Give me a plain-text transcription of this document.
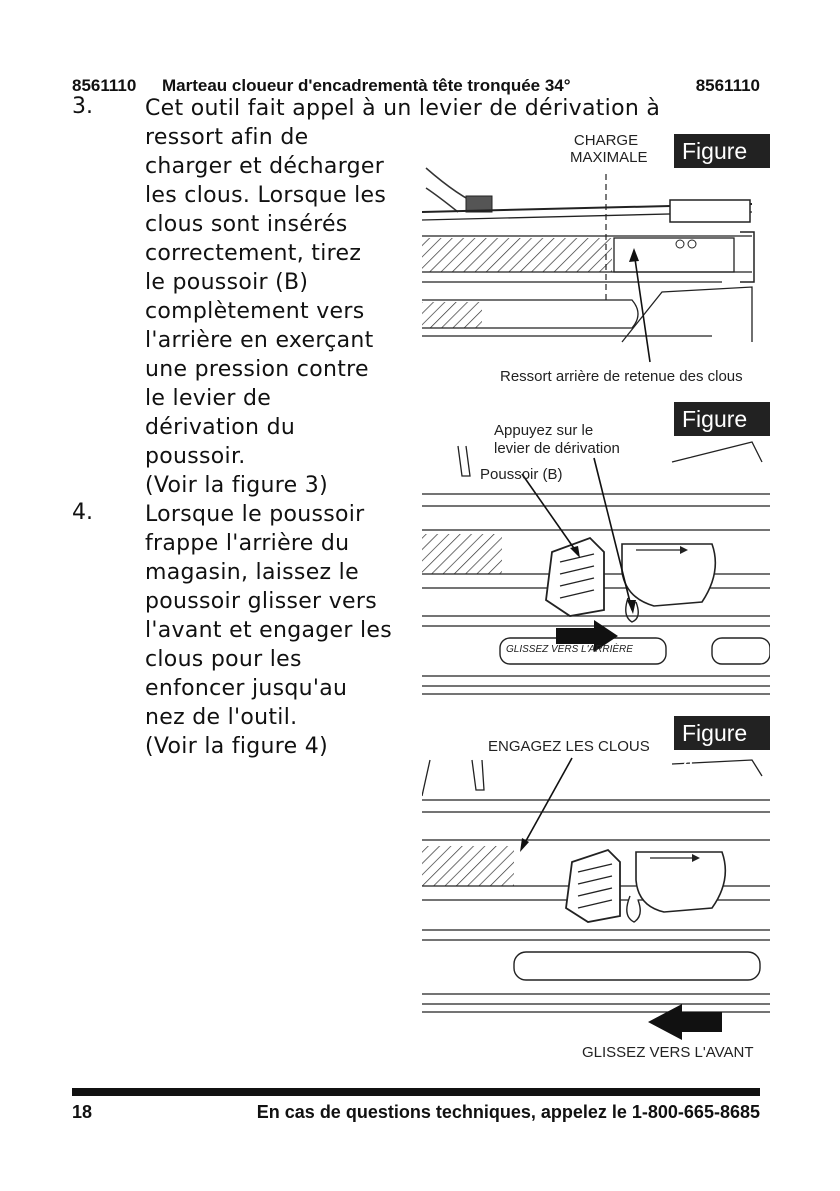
8561110 Marteau cloueur d'encadrementà tête tronquée 34°	8561110
3. Cet outil fait appel à un levier de dérivation à
ressort afin de
charger et décharger
les clous. Lorsque les
clous sont insérés
correctement, tirez
le poussoir (B)
complètement vers
l'arrière en exerçant
une pression contre
le levier de
dérivation du
poussoir.
(Voir la figure 3)
4. Lorsque le poussoir
frappe l'arrière du
magasin, laissez le
poussoir glisser vers
l'avant et engager les
clous pour les
enfoncer jusqu'au
nez de l'outil.
(Voir la figure 4)
CHARGE
MAXIMALE	Figure 2
Ressort arrière de retenue des clous
Appuyez sur le
levier de dérivation
Figure 3
Poussoir (B)
GLISSEZ VERS L'ARRIÈRE
ENGAGEZ LES CLOUS
Figure 4
GLISSEZ VERS L'AVANT
18	En cas de questions techniques, appelez le 1-800-665-8685
